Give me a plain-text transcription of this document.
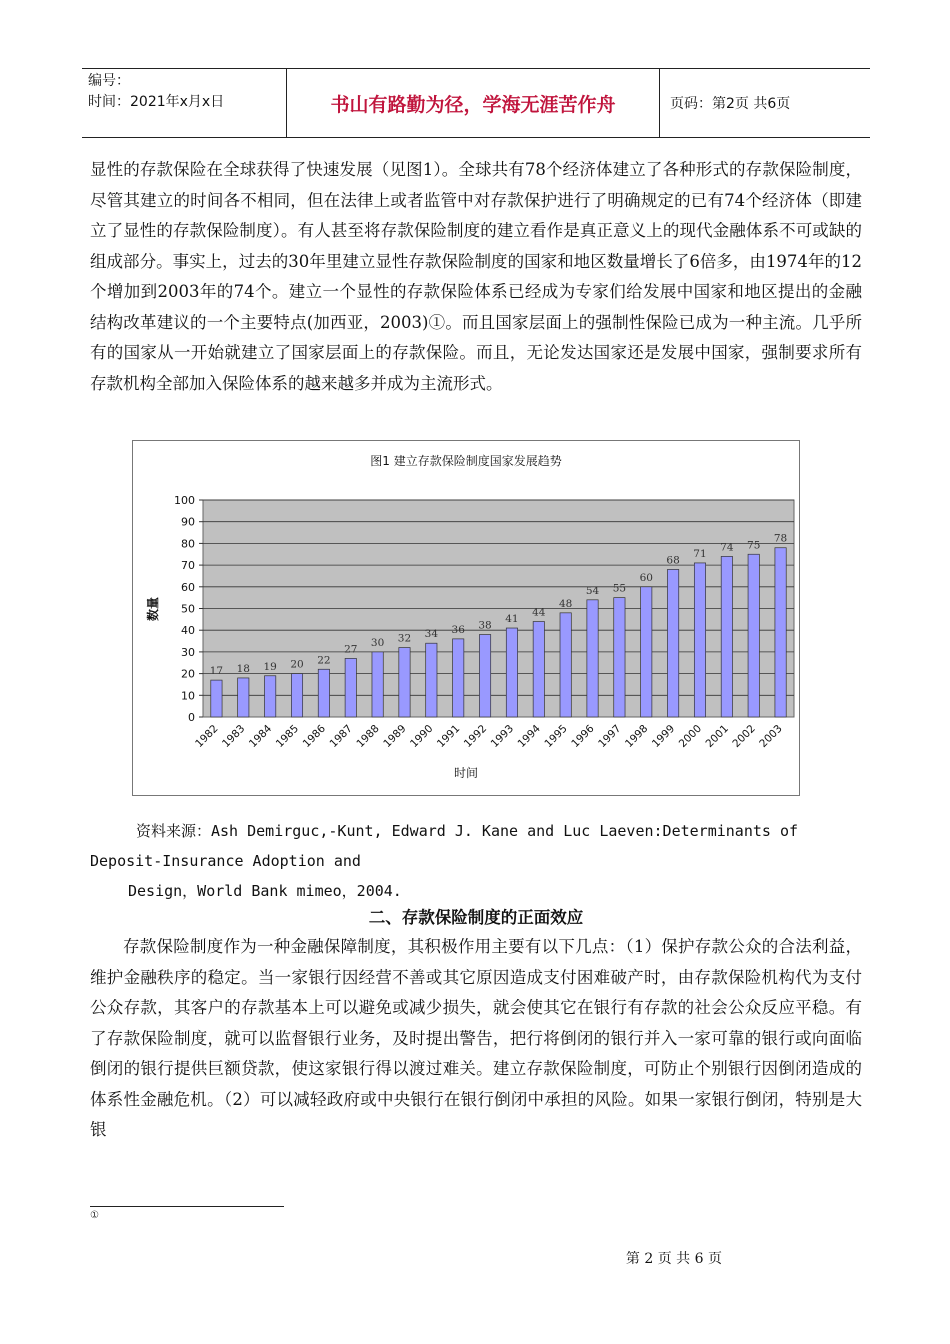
编号：
时间：2021年x月x日	书山有路勤为径，学海无涯苦作舟	页码：第2页 共6页

显性的存款保险在全球获得了快速发展（见图1）。全球共有78个经济体建立了各种形式的存款保险制度，尽管其建立的时间各不相同，但在法律上或者监管中对存款保护进行了明确规定的已有74个经济体（即建立了显性的存款保险制度）。有人甚至将存款保险制度的建立看作是真正意义上的现代金融体系不可或缺的组成部分。事实上，过去的30年里建立显性存款保险制度的国家和地区数量增长了6倍多，由1974年的12个增加到2003年的74个。建立一个显性的存款保险体系已经成为专家们给发展中国家和地区提出的金融结构改革建议的一个主要特点(加西亚，2003)①。而且国家层面上的强制性保险已成为一种主流。几乎所有的国家从一开始就建立了国家层面上的存款保险。而且，无论发达国家还是发展中国家，强制要求所有存款机构全部加入保险体系的越来越多并成为主流形式。

图1 建立存款保险制度国家发展趋势
0
10
20
30
40
50
60
70
80
90
100
17
1982
18
1983
19
1984
20
1985
22
1986
27
1987
30
1988
32
1989
34
1990
36
1991
38
1992
41
1993
44
1994
48
1995
54
1996
55
1997
60
1998
68
1999
71
2000
74
2001
75
2002
78
2003
时间
数量
资料来源：Ash Demirguc,-Kunt, Edward J. Kane and Luc Laeven:Determinants of
Deposit-Insurance Adoption and
Design，World Bank mimeo，2004.
二、存款保险制度的正面效应

存款保险制度作为一种金融保障制度，其积极作用主要有以下几点：（1）保护存款公众的合法利益，维护金融秩序的稳定。当一家银行因经营不善或其它原因造成支付困难破产时，由存款保险机构代为支付公众存款，其客户的存款基本上可以避免或减少损失，就会使其它在银行有存款的社会公众反应平稳。有了存款保险制度，就可以监督银行业务，及时提出警告，把行将倒闭的银行并入一家可靠的银行或向面临倒闭的银行提供巨额贷款，使这家银行得以渡过难关。建立存款保险制度，可防止个别银行因倒闭造成的体系性金融危机。（2）可以减轻政府或中央银行在银行倒闭中承担的风险。如果一家银行倒闭，特别是大银

①
第 2 页 共 6 页
